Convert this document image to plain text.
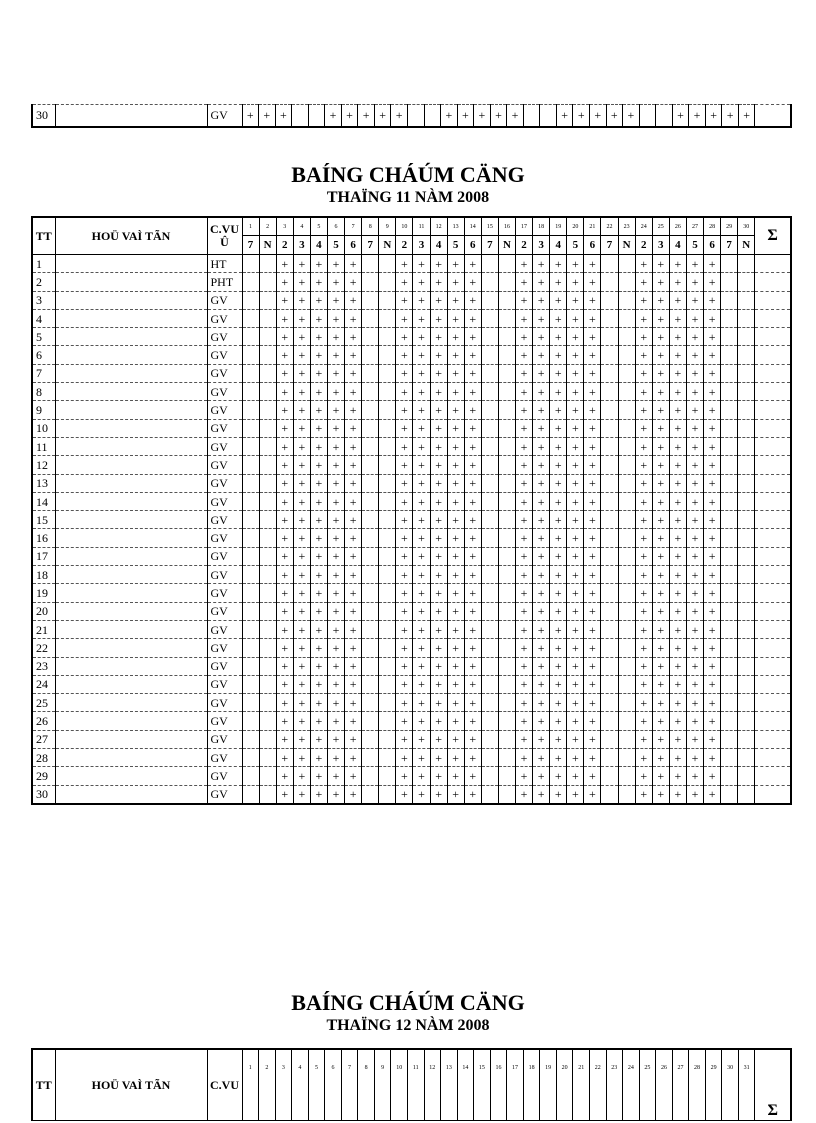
30		GV	+	+	+			+	+	+	+	+			+	+	+	+	+			+	+	+	+	+			+	+	+	+	+	
BAÍNG CHÁÚM CÄNG
THAÏNG 11 NÀM 2008
TT	HOÜ VAÌ TÃN	C.VU Û	1	2	3	4	5	6	7	8	9	10	11	12	13	14	15	16	17	18	19	20	21	22	23	24	25	26	27	28	29	30	Σ
			7	N	2	3	4	5	6	7	N	2	3	4	5	6	7	N	2	3	4	5	6	7	N	2	3	4	5	6	7	N	
1		HT			+	+	+	+	+			+	+	+	+	+			+	+	+	+	+			+	+	+	+	+			
2		PHT			+	+	+	+	+			+	+	+	+	+			+	+	+	+	+			+	+	+	+	+			
3		GV			+	+	+	+	+			+	+	+	+	+			+	+	+	+	+			+	+	+	+	+			
4		GV			+	+	+	+	+			+	+	+	+	+			+	+	+	+	+			+	+	+	+	+			
5		GV			+	+	+	+	+			+	+	+	+	+			+	+	+	+	+			+	+	+	+	+			
6		GV			+	+	+	+	+			+	+	+	+	+			+	+	+	+	+			+	+	+	+	+			
7		GV			+	+	+	+	+			+	+	+	+	+			+	+	+	+	+			+	+	+	+	+			
8		GV			+	+	+	+	+			+	+	+	+	+			+	+	+	+	+			+	+	+	+	+			
9		GV			+	+	+	+	+			+	+	+	+	+			+	+	+	+	+			+	+	+	+	+			
10		GV			+	+	+	+	+			+	+	+	+	+			+	+	+	+	+			+	+	+	+	+			
11		GV			+	+	+	+	+			+	+	+	+	+			+	+	+	+	+			+	+	+	+	+			
12		GV			+	+	+	+	+			+	+	+	+	+			+	+	+	+	+			+	+	+	+	+			
13		GV			+	+	+	+	+			+	+	+	+	+			+	+	+	+	+			+	+	+	+	+			
14		GV			+	+	+	+	+			+	+	+	+	+			+	+	+	+	+			+	+	+	+	+			
15		GV			+	+	+	+	+			+	+	+	+	+			+	+	+	+	+			+	+	+	+	+			
16		GV			+	+	+	+	+			+	+	+	+	+			+	+	+	+	+			+	+	+	+	+			
17		GV			+	+	+	+	+			+	+	+	+	+			+	+	+	+	+			+	+	+	+	+			
18		GV			+	+	+	+	+			+	+	+	+	+			+	+	+	+	+			+	+	+	+	+			
19		GV			+	+	+	+	+			+	+	+	+	+			+	+	+	+	+			+	+	+	+	+			
20		GV			+	+	+	+	+			+	+	+	+	+			+	+	+	+	+			+	+	+	+	+			
21		GV			+	+	+	+	+			+	+	+	+	+			+	+	+	+	+			+	+	+	+	+			
22		GV			+	+	+	+	+			+	+	+	+	+			+	+	+	+	+			+	+	+	+	+			
23		GV			+	+	+	+	+			+	+	+	+	+			+	+	+	+	+			+	+	+	+	+			
24		GV			+	+	+	+	+			+	+	+	+	+			+	+	+	+	+			+	+	+	+	+			
25		GV			+	+	+	+	+			+	+	+	+	+			+	+	+	+	+			+	+	+	+	+			
26		GV			+	+	+	+	+			+	+	+	+	+			+	+	+	+	+			+	+	+	+	+			
27		GV			+	+	+	+	+			+	+	+	+	+			+	+	+	+	+			+	+	+	+	+			
28		GV			+	+	+	+	+			+	+	+	+	+			+	+	+	+	+			+	+	+	+	+			
29		GV			+	+	+	+	+			+	+	+	+	+			+	+	+	+	+			+	+	+	+	+			
30		GV			+	+	+	+	+			+	+	+	+	+			+	+	+	+	+			+	+	+	+	+			
BAÍNG CHÁÚM CÄNG
THAÏNG 12 NÀM 2008
TT	HOÜ VAÌ TÃN	C.VU	1	2	3	4	5	6	7	8	9	10	11	12	13	14	15	16	17	18	19	20	21	22	23	24	25	26	27	28	29	30	31	Σ
